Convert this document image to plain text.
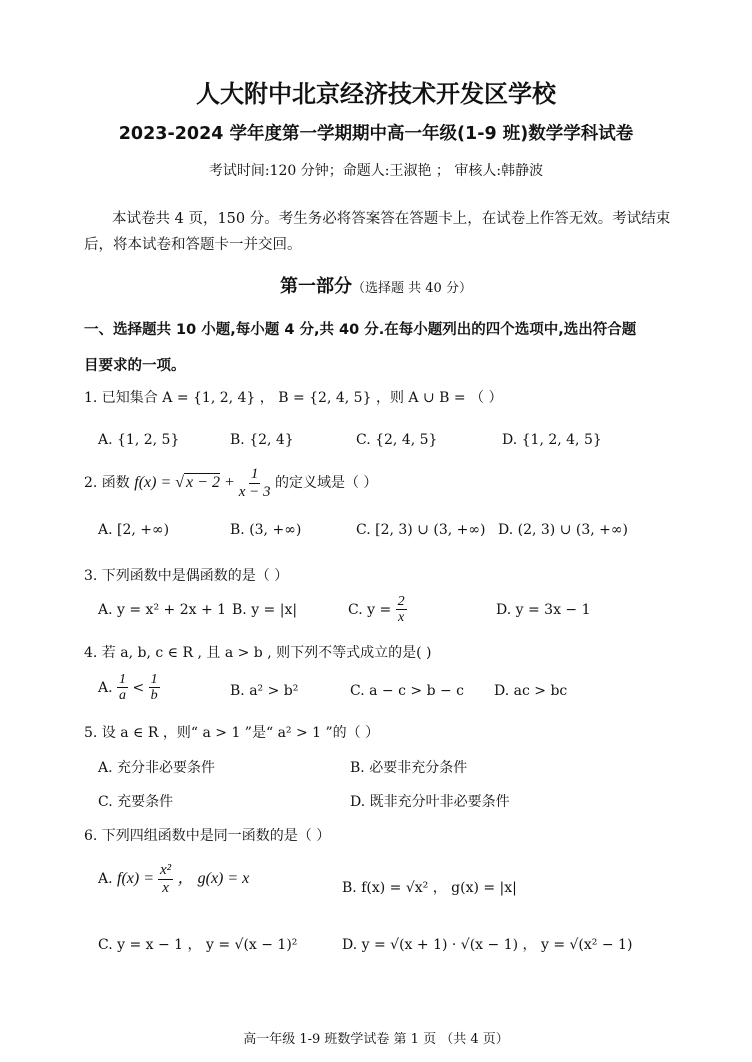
人大附中北京经济技术开发区学校
2023-2024 学年度第一学期期中高一年级(1-9 班)数学学科试卷
考试时间:120 分钟；命题人:王淑艳 ； 审核人:韩静波
本试卷共 4 页，150 分。考生务必将答案答在答题卡上，在试卷上作答无效。考试结束后，将本试卷和答题卡一并交回。
第一部分（选择题 共 40 分）
一、选择题共 10 小题,每小题 4 分,共 40 分.在每小题列出的四个选项中,选出符合题
目要求的一项。
1. 已知集合 A = {1, 2, 4} ， B = {2, 4, 5} ，则 A ∪ B = （ ）
A. {1, 2, 5}	B. {2, 4}	C. {2, 4, 5}	D. {1, 2, 4, 5}
2. 函数 f(x) = √ $x - 2 + \frac{1}{x - 3}$ 的定义域是（ ）
A. [2, +∞)	B. (3, +∞)	C. [2, 3) ∪ (3, +∞) D. (2, 3) ∪ (3, +∞)
3. 下列函数中是偶函数的是（ ）
A. y = x² + 2x + 1 B. y = |x|	C. $y = \frac{2}{x}$	D. y = 3x − 1
4. 若 a, b, c ∈ R , 且 a > b , 则下列不等式成立的是( )
A. $\frac{1}{a} < \frac{1}{b}$	B. a² > b²	C. a − c > b − c D. ac > bc
5. 设 a ∈ R ，则“ a > 1 ”是“ a² > 1 ”的（ ）
A. 充分非必要条件	B. 必要非充分条件
C. 充要条件	D. 既非充分叶非必要条件
6. 下列四组函数中是同一函数的是（ ）
A. $f(x) = \frac{\text{x²}}{x}$ ， g(x) = x
B. f(x) = √x² ， g(x) = |x|
C. y = x − 1 ， y = √(x − 1)²	D. y = √(x + 1) · √(x − 1) ， y = √(x² − 1)
高一年级 1-9 班数学试卷 第 1 页 （共 4 页）
